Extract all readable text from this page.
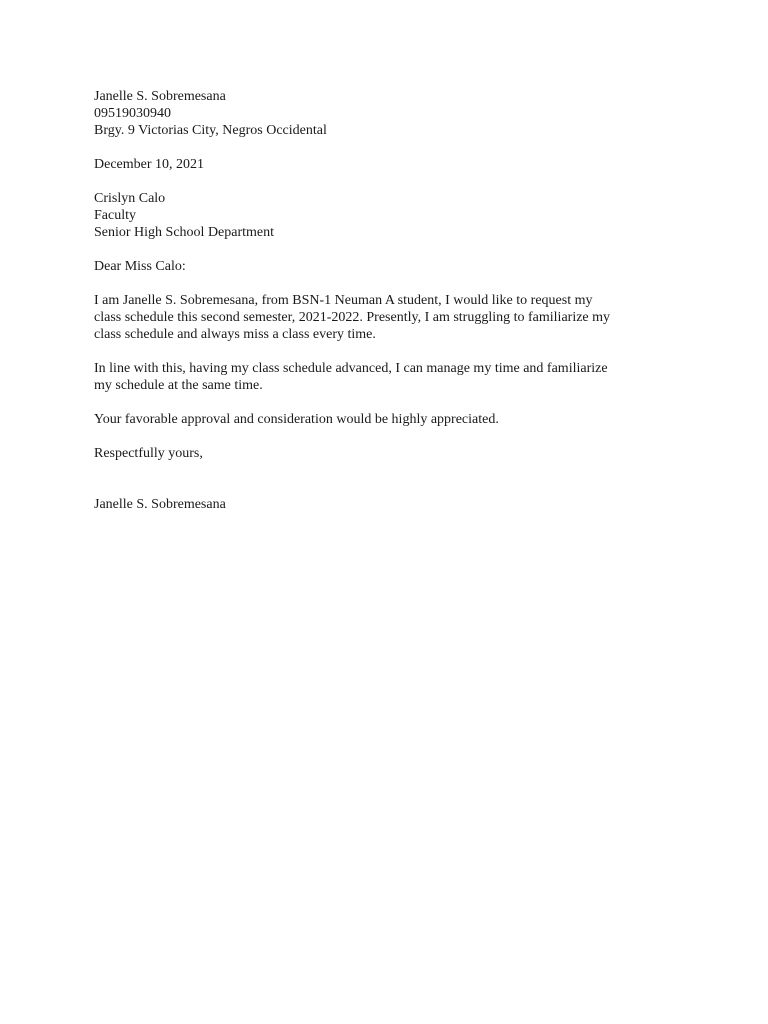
Janelle S. Sobremesana
09519030940
Brgy. 9 Victorias City, Negros Occidental
December 10, 2021
Crislyn Calo
Faculty
Senior High School Department
Dear Miss Calo:
I am Janelle S. Sobremesana, from BSN-1 Neuman A student, I would like to request my
class schedule this second semester, 2021-2022. Presently, I am struggling to familiarize my
class schedule and always miss a class every time.
In line with this, having my class schedule advanced, I can manage my time and familiarize
my schedule at the same time.
Your favorable approval and consideration would be highly appreciated.
Respectfully yours,
Janelle S. Sobremesana
